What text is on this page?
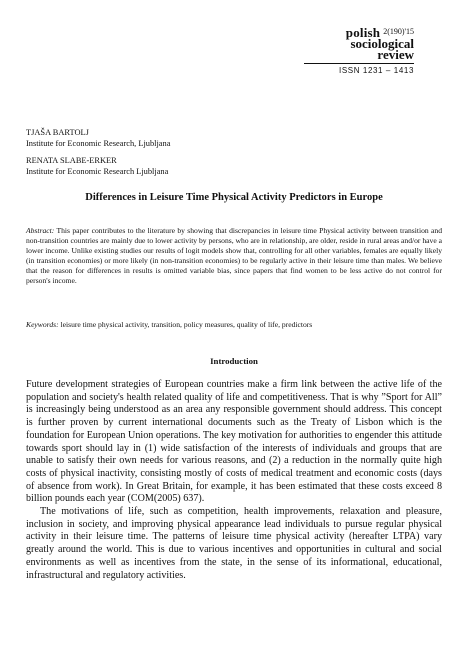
polish 2(190)'15
sociological
review
ISSN 1231 – 1413
TJAŠA BARTOLJ
Institute for Economic Research, Ljubljana
RENATA SLABE-ERKER
Institute for Economic Research Ljubljana
Differences in Leisure Time Physical Activity Predictors in Europe
Abstract: This paper contributes to the literature by showing that discrepancies in leisure time Physical activity between transition and non-transition countries are mainly due to lower activity by persons, who are in relationship, are older, reside in rural areas and/or have a lower income. Unlike existing studies our results of logit models show that, controlling for all other variables, females are equally likely (in transition economies) or more likely (in non-transition economies) to be regularly active in their leisure time than males. We believe that the reason for differences in results is omitted variable bias, since papers that find women to be less active do not control for person's income.
Keywords: leisure time physical activity, transition, policy measures, quality of life, predictors
Introduction

Future development strategies of European countries make a firm link between the active life of the population and society's health related quality of life and competitiveness. That is why ”Sport for All” is increasingly being understood as an area any responsible government should address. This concept is further proven by current international documents such as the Treaty of Lisbon which is the foundation for European Union operations. The key motivation for authorities to engender this attitude towards sport should lay in (1) wide satisfaction of the interests of individuals and groups that are unable to satisfy their own needs for various reasons, and (2) a reduction in the normally quite high costs of physical inactivity, consisting mostly of costs of medical treatment and economic costs (days of absence from work). In Great Britain, for example, it has been estimated that these costs exceed 8 billion pounds each year (COM(2005) 637).

The motivations of life, such as competition, health improvements, relaxation and pleasure, inclusion in society, and improving physical appearance lead individuals to pursue regular physical activity in their leisure time. The patterns of leisure time physical activity (hereafter LTPA) vary greatly around the world. This is due to various incentives and opportunities in cultural and social environments as well as incentives from the state, in the sense of its informational, educational, infrastructural and regulatory activities.
